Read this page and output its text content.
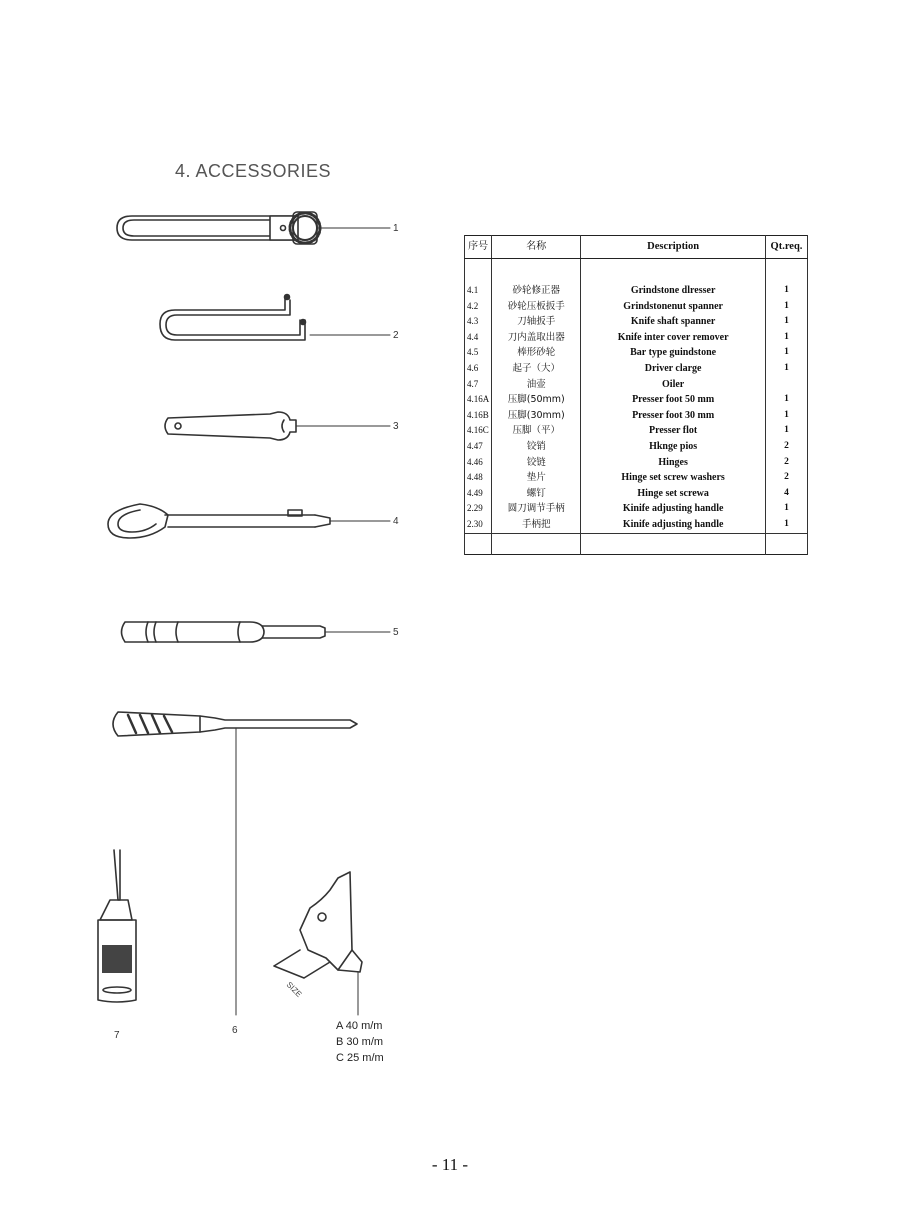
4. ACCESSORIES
SIZE
1
2
3
4
5
6
7
A 40 m/m
B 30 m/m
C 25 m/m
序号	名称	Description	Qt.req.

4.1	砂轮修正器	Grindstone dlresser	1
4.2	砂轮压板扳手	Grindstonenut spanner	1
4.3	刀轴扳手	Knife shaft spanner	1
4.4	刀内盖取出器	Knife inter cover remover	1
4.5	棒形砂轮	Bar type guindstone	1
4.6	起子（大）	Driver clarge	1
4.7	油壶	Oiler	
4.16A	压脚(50mm)	Presser foot 50 mm	1
4.16B	压脚(30mm)	Presser foot 30 mm	1
4.16C	压脚（平）	Presser flot	1
4.47	铰销	Hknge pios	2
4.46	铰链	Hinges	2
4.48	垫片	Hinge set screw washers	2
4.49	螺钉	Hinge set screwa	4
2.29	圆刀调节手柄	Kinife adjusting handle	1
2.30	手柄把	Kinife adjusting handle	1

- 11 -
